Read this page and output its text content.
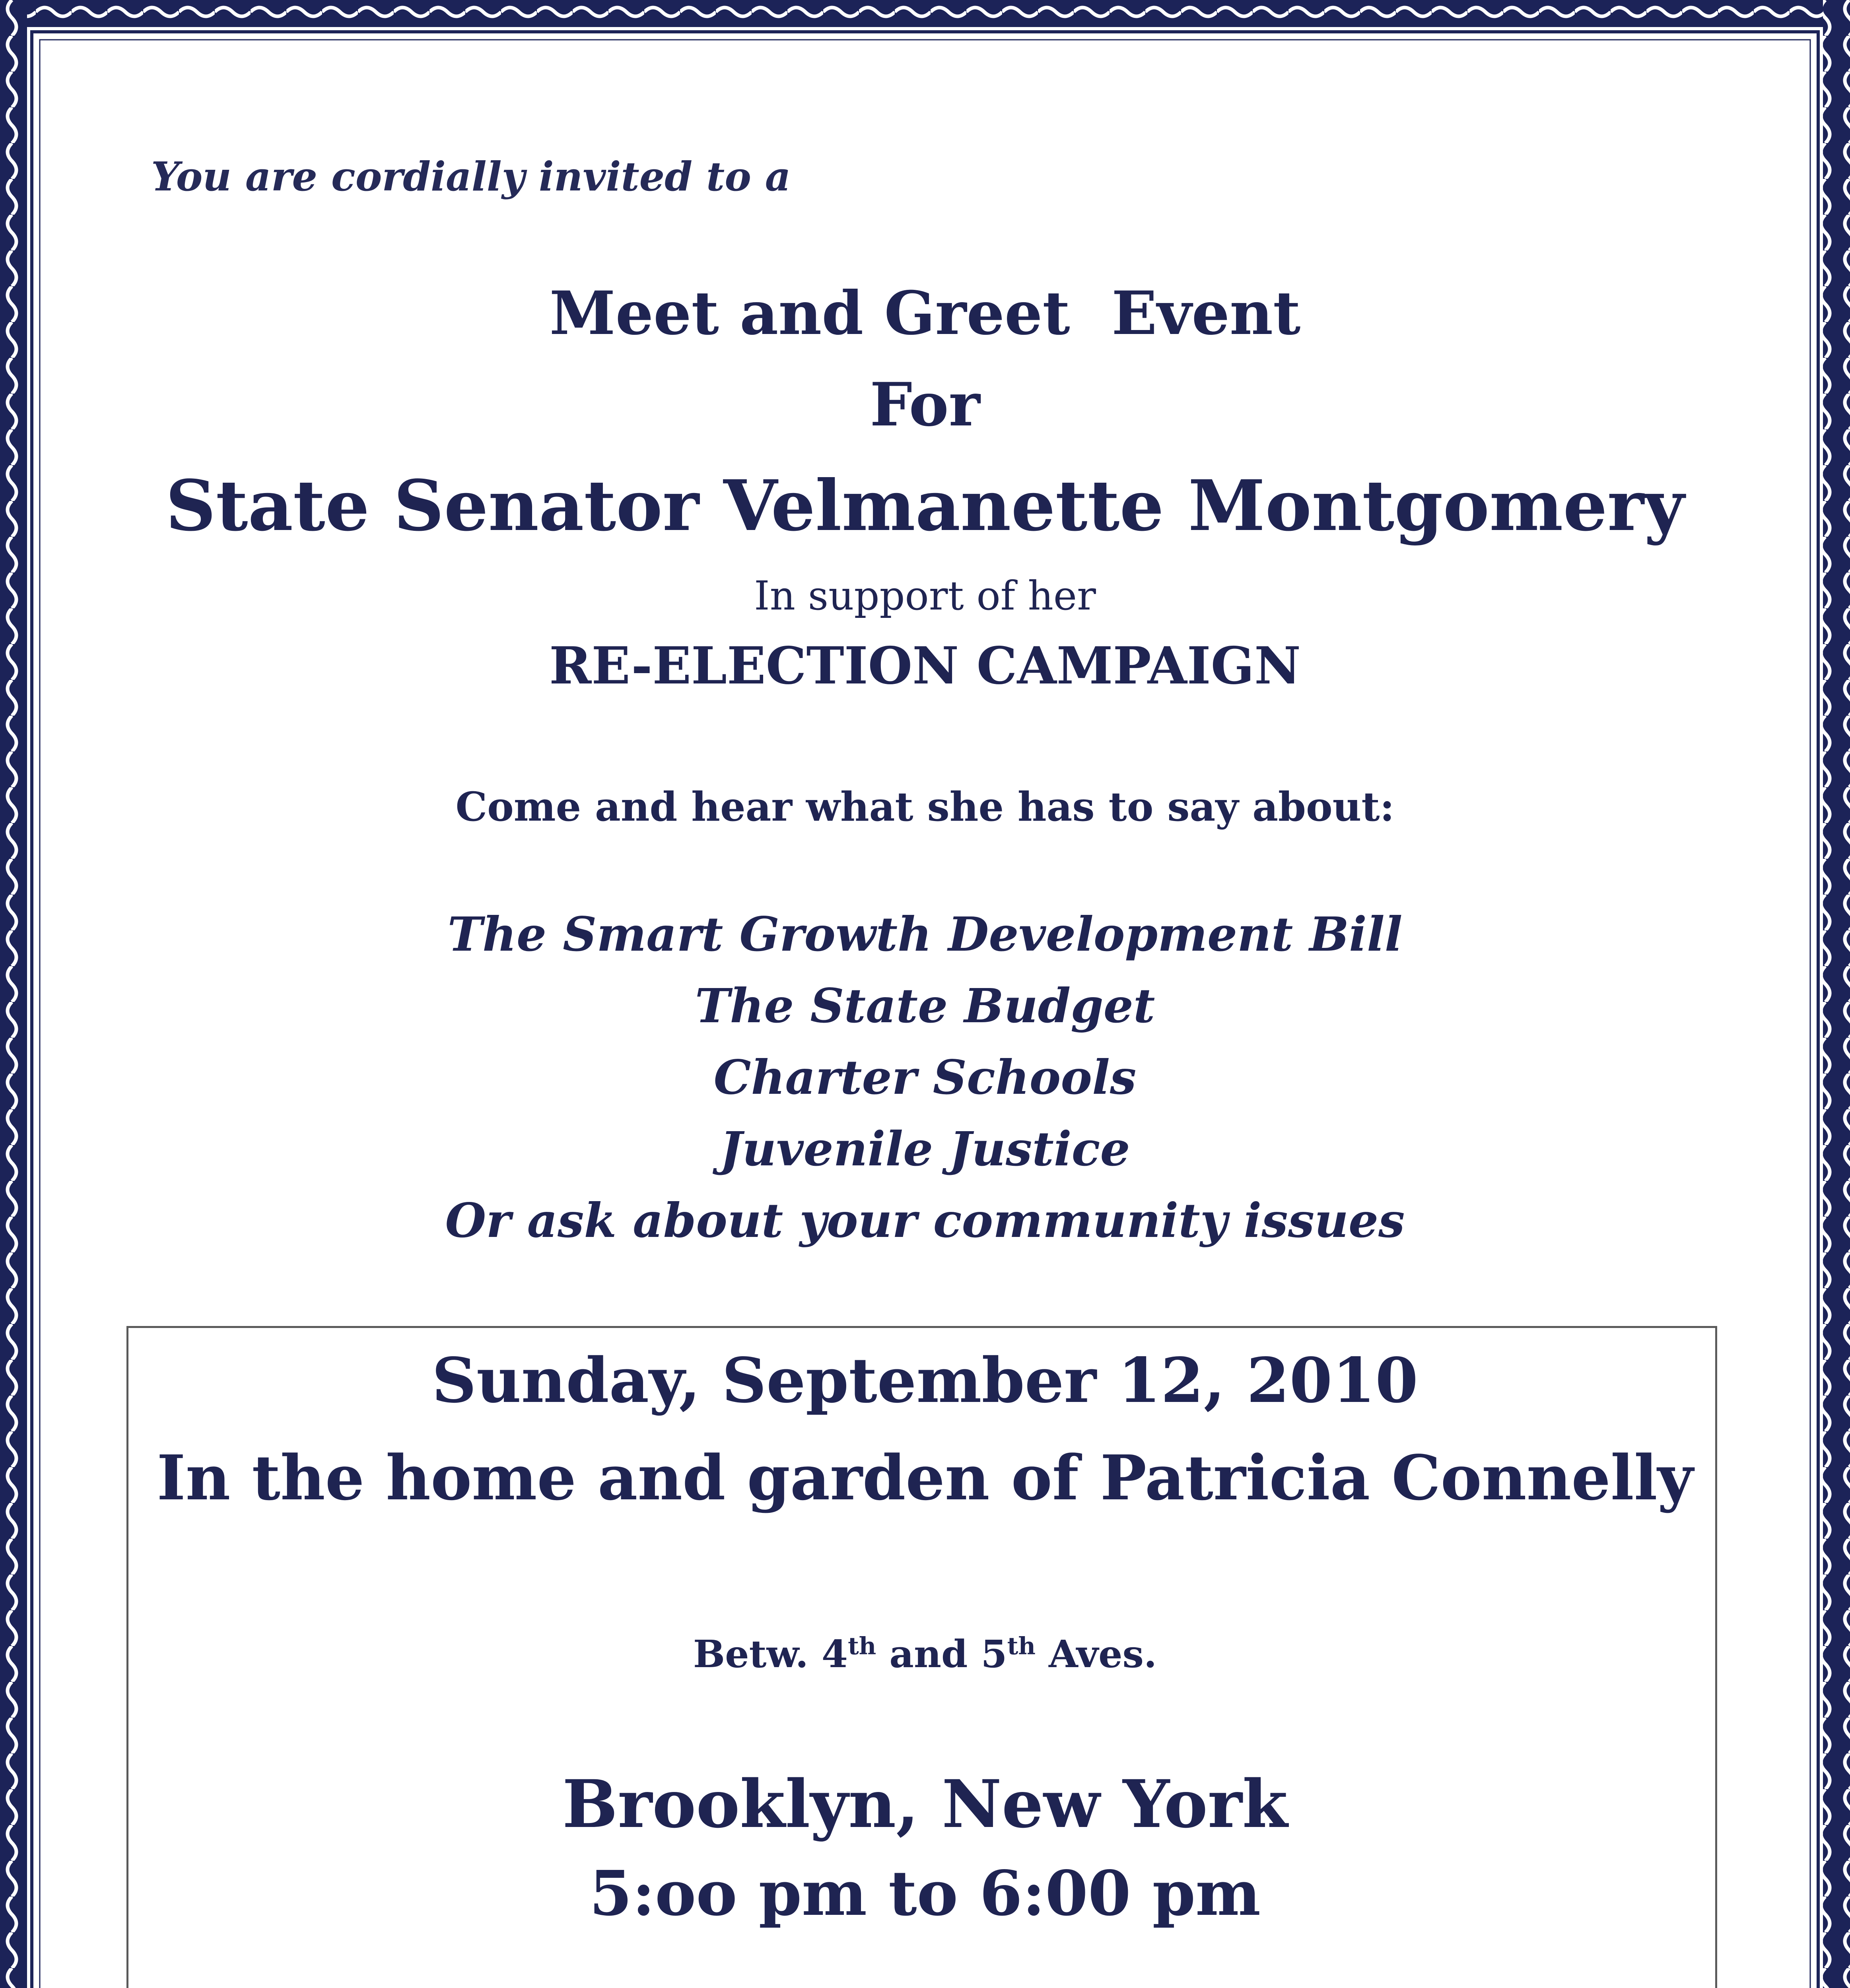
You are cordially invited to a
Meet and Greet  Event
For
State Senator Velmanette Montgomery
In support of her
RE-ELECTION CAMPAIGN
Come and hear what she has to say about:
The Smart Growth Development Bill
The State Budget
Charter Schools
Juvenile Justice
Or ask about your community issues
Sunday, September 12, 2010
In the home and garden of Patricia Connelly
Betw. 4th and 5th Aves.
Brooklyn, New York
5:oo pm to 6:00 pm
